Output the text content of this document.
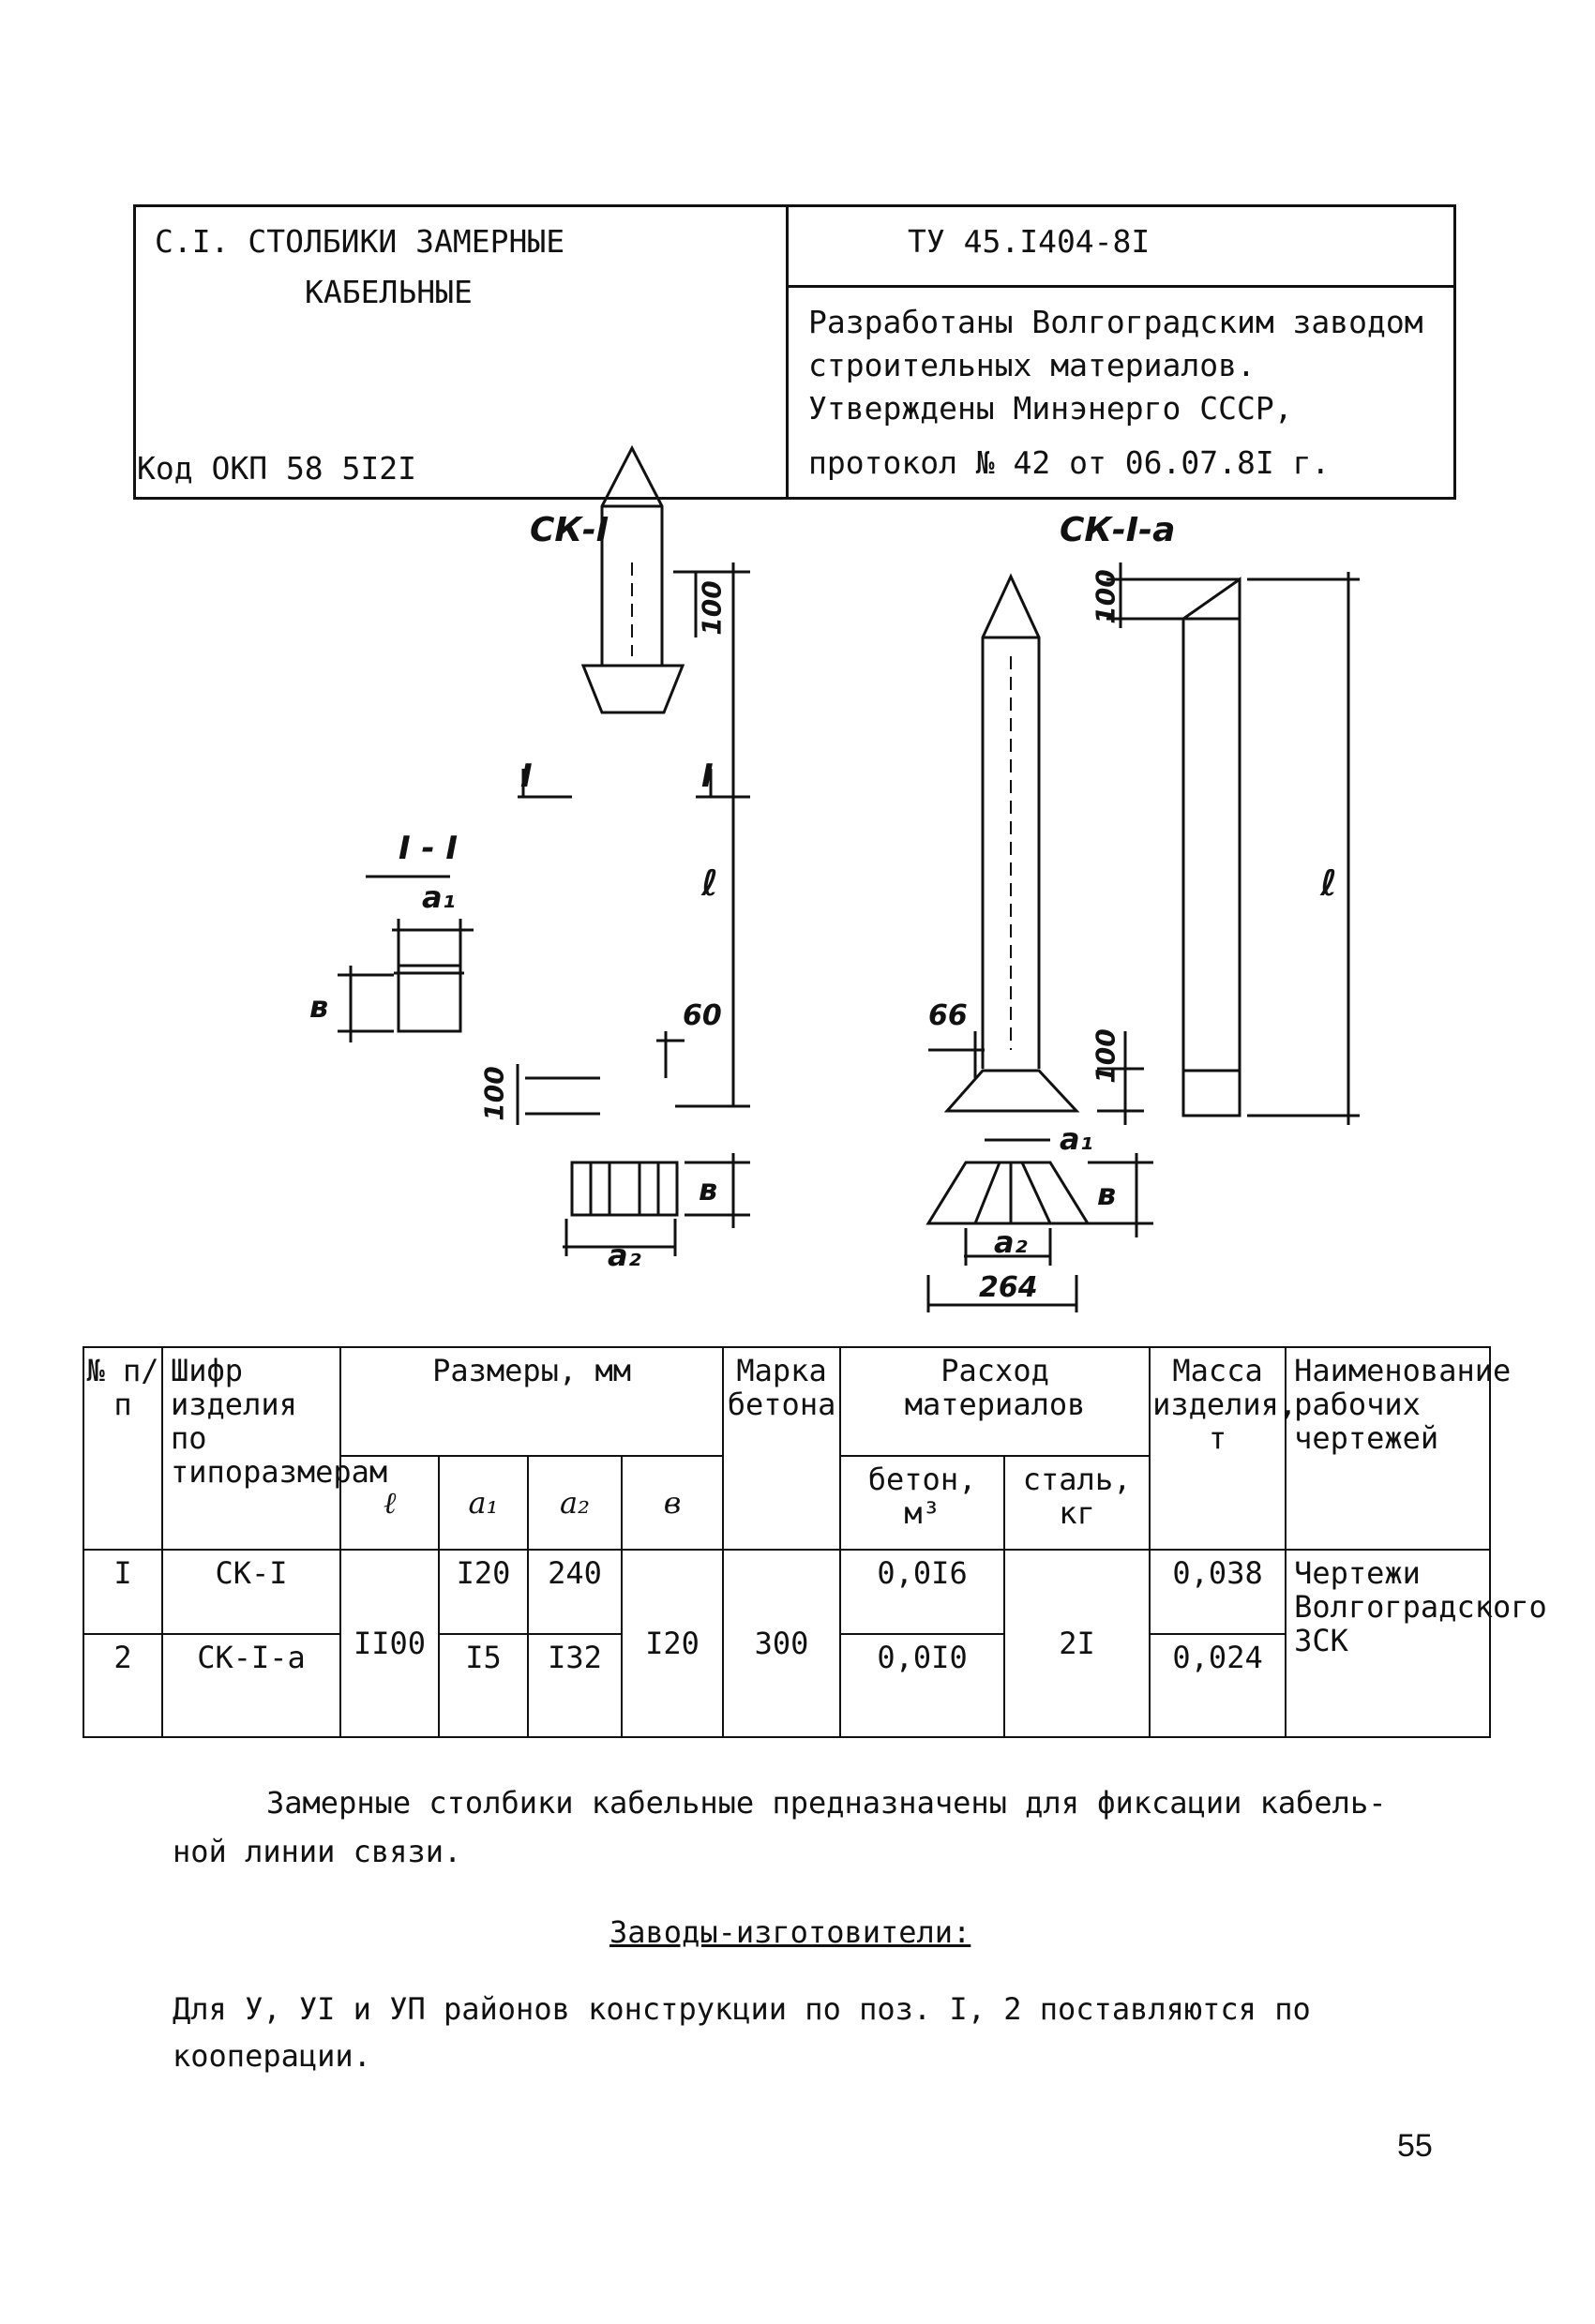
С.I. СТОЛБИКИ ЗАМЕРНЫЕ
КАБЕЛЬНЫЕ
Код ОКП 58 5I2I
ТУ 45.I404-8I
Разработаны Волгоградским заводом
строительных материалов.
Утверждены Минэнерго СССР,
протокол № 42 от 06.07.8I г.
СК-I	СК-I-а
I - I
I	I
100	100
100
100
60	66
ℓ	ℓ
в
в	в
a₁
a₁
a₂	a₂
264
№ п/п	Шифр изделия по типоразмерам	Размеры, мм				Марка бетона	Расход материалов		Масса изделия, т	Наименование рабочих чертежей
		ℓ	a₁	a₂	в		бетон, м³	сталь, кг		
I	СК-I	II00	I20	240	I20	300	0,0I6	2I	0,038	Чертежи Волгоградского ЗСК
2	СК-I-а		I5	I32			0,0I0		0,024	
Замерные столбики кабельные предназначены для фиксации кабель-
ной линии связи.
Заводы-изготовители:
Для У, УI и УП районов конструкции по поз. I, 2 поставляются по
кооперации.
55
